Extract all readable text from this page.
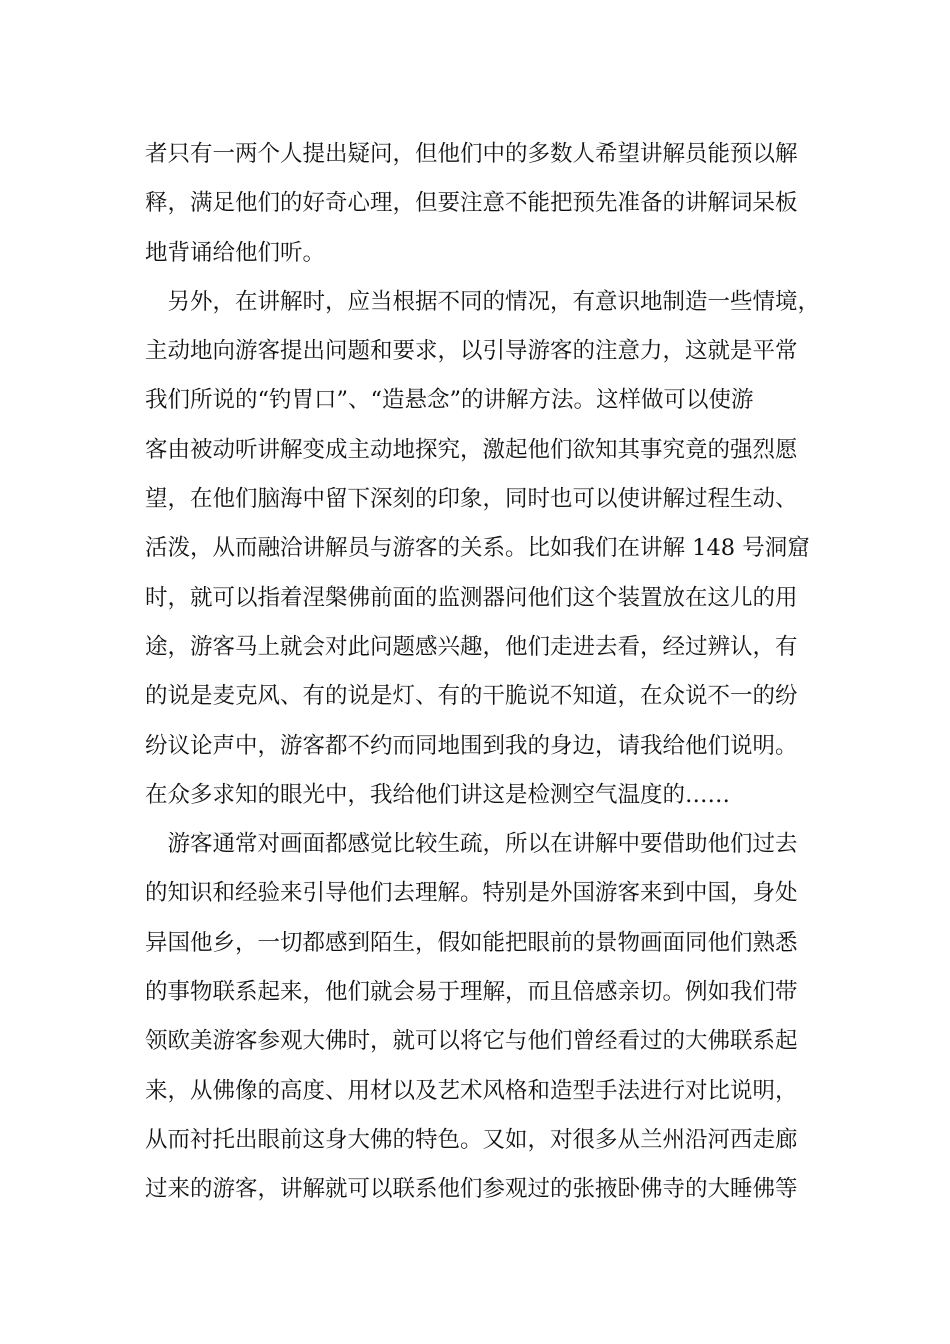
者只有一两个人提出疑问，但他们中的多数人希望讲解员能预以解
释，满足他们的好奇心理，但要注意不能把预先准备的讲解词呆板
地背诵给他们听。
　另外，在讲解时，应当根据不同的情况，有意识地制造一些情境，
主动地向游客提出问题和要求，以引导游客的注意力，这就是平常
我们所说的“钓胃口”、“造悬念”的讲解方法。这样做可以使游
客由被动听讲解变成主动地探究，激起他们欲知其事究竟的强烈愿
望，在他们脑海中留下深刻的印象，同时也可以使讲解过程生动、
活泼，从而融洽讲解员与游客的关系。比如我们在讲解 148 号洞窟
时，就可以指着涅槃佛前面的监测器问他们这个装置放在这儿的用
途，游客马上就会对此问题感兴趣，他们走进去看，经过辨认，有
的说是麦克风、有的说是灯、有的干脆说不知道，在众说不一的纷
纷议论声中，游客都不约而同地围到我的身边，请我给他们说明。
在众多求知的眼光中，我给他们讲这是检测空气温度的……
　游客通常对画面都感觉比较生疏，所以在讲解中要借助他们过去
的知识和经验来引导他们去理解。特别是外国游客来到中国，身处
异国他乡，一切都感到陌生，假如能把眼前的景物画面同他们熟悉
的事物联系起来，他们就会易于理解，而且倍感亲切。例如我们带
领欧美游客参观大佛时，就可以将它与他们曾经看过的大佛联系起
来，从佛像的高度、用材以及艺术风格和造型手法进行对比说明，
从而衬托出眼前这身大佛的特色。又如，对很多从兰州沿河西走廊
过来的游客，讲解就可以联系他们参观过的张掖卧佛寺的大睡佛等
